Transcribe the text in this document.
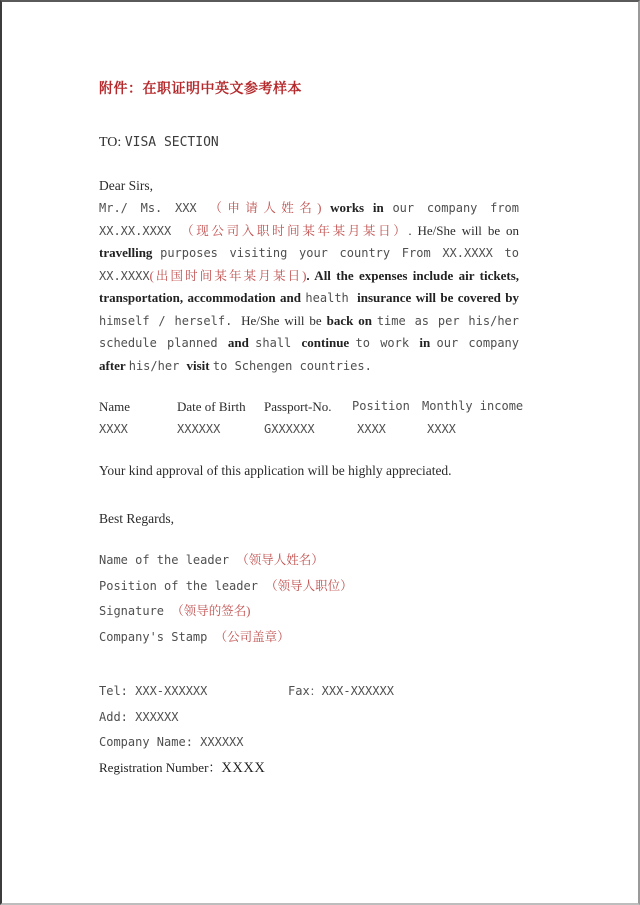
附件：在职证明中英文参考样本
TO: VISA SECTION

Dear Sirs,

Mr./ Ms. XXX （申请人姓名) works in our company from XX.XX.XXXX （现公司入职时间某年某月某日）. He/She will be on travelling purposes visiting your country From XX.XXXX to XX.XXXX(出国时间某年某月某日). All the expenses include air tickets, transportation, accommodation and health insurance will be covered by himself / herself. He/She will be back on time as per his/her schedule planned and shall continue to work in our company after his/her visit to Schengen countries.

Name	Date of Birth	Passport-No.	Position	Monthly income
XXXX	XXXXXX	GXXXXXX	XXXX	XXXX

Your kind approval of this application will be highly appreciated.

Best Regards,

Name of the leader （领导人姓名）
Position of the leader （领导人职位）
Signature （领导的签名)
Company's Stamp （公司盖章）
Tel: XXX-XXXXXX	Fax：XXX-XXXXXX
Add: XXXXXX
Company Name: XXXXXX
Registration Number：XXXX
